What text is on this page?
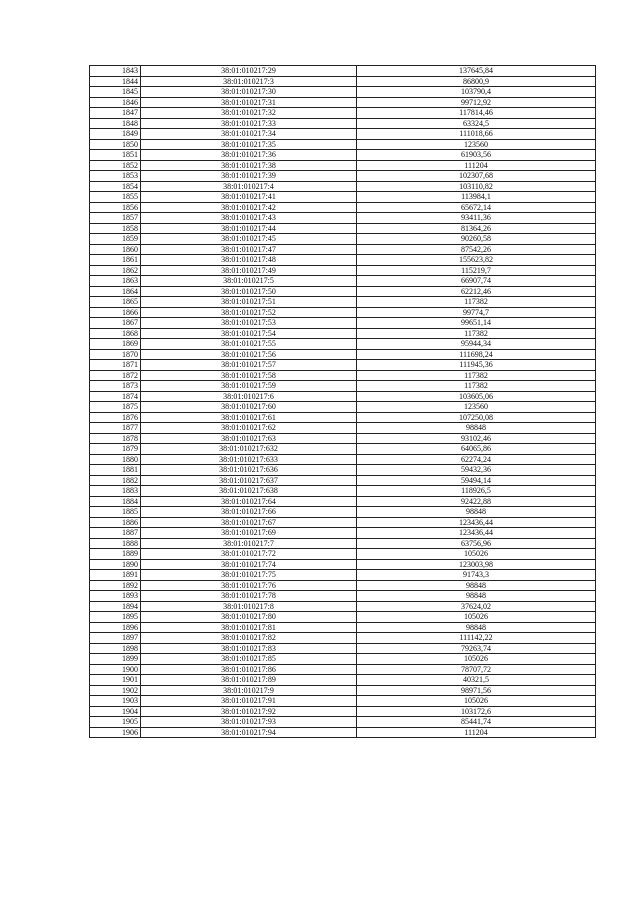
1843	38:01:010217:29	137645,84
1844	38:01:010217:3	86800,9
1845	38:01:010217:30	103790,4
1846	38:01:010217:31	99712,92
1847	38:01:010217:32	117814,46
1848	38:01:010217:33	63324,5
1849	38:01:010217:34	111018,66
1850	38:01:010217:35	123560
1851	38:01:010217:36	61903,56
1852	38:01:010217:38	111204
1853	38:01:010217:39	102307,68
1854	38:01:010217:4	103110,82
1855	38:01:010217:41	113984,1
1856	38:01:010217:42	65672,14
1857	38:01:010217:43	93411,36
1858	38:01:010217:44	81364,26
1859	38:01:010217:45	90260,58
1860	38:01:010217:47	87542,26
1861	38:01:010217:48	155623,82
1862	38:01:010217:49	115219,7
1863	38:01:010217:5	66907,74
1864	38:01:010217:50	62212,46
1865	38:01:010217:51	117382
1866	38:01:010217:52	99774,7
1867	38:01:010217:53	99651,14
1868	38:01:010217:54	117382
1869	38:01:010217:55	95944,34
1870	38:01:010217:56	111698,24
1871	38:01:010217:57	111945,36
1872	38:01:010217:58	117382
1873	38:01:010217:59	117382
1874	38:01:010217:6	103605,06
1875	38:01:010217:60	123560
1876	38:01:010217:61	107250,08
1877	38:01:010217:62	98848
1878	38:01:010217:63	93102,46
1879	38:01:010217:632	64065,86
1880	38:01:010217:633	62274,24
1881	38:01:010217:636	59432,36
1882	38:01:010217:637	59494,14
1883	38:01:010217:638	118926,5
1884	38:01:010217:64	92422,88
1885	38:01:010217:66	98848
1886	38:01:010217:67	123436,44
1887	38:01:010217:69	123436,44
1888	38:01:010217:7	63756,96
1889	38:01:010217:72	105026
1890	38:01:010217:74	123003,98
1891	38:01:010217:75	91743,3
1892	38:01:010217:76	98848
1893	38:01:010217:78	98848
1894	38:01:010217:8	37624,02
1895	38:01:010217:80	105026
1896	38:01:010217:81	98848
1897	38:01:010217:82	111142,22
1898	38:01:010217:83	79263,74
1899	38:01:010217:85	105026
1900	38:01:010217:86	78707,72
1901	38:01:010217:89	40321,5
1902	38:01:010217:9	98971,56
1903	38:01:010217:91	105026
1904	38:01:010217:92	103172,6
1905	38:01:010217:93	85441,74
1906	38:01:010217:94	111204
